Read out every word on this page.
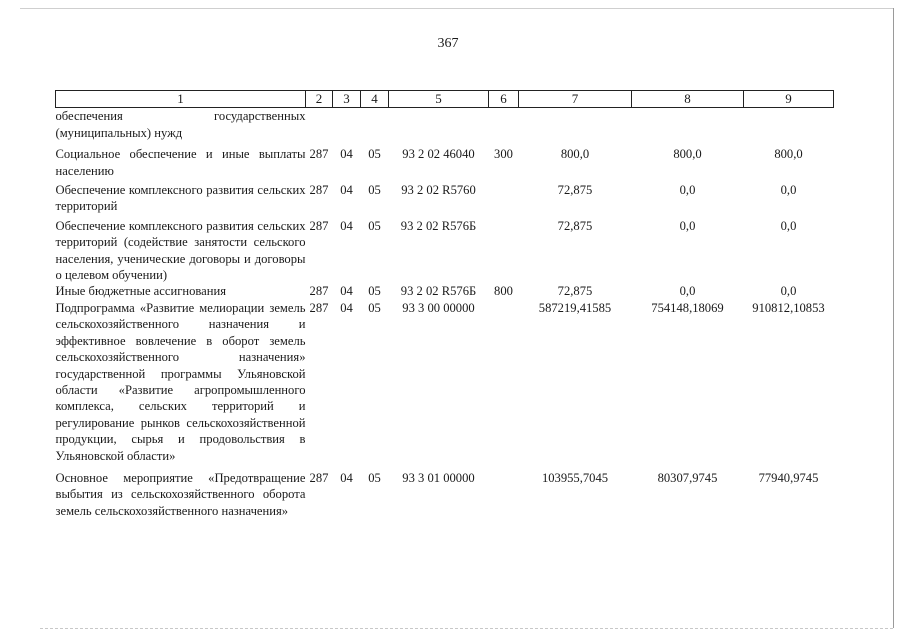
367
1	2	3	4	5	6	7	8	9
обеспечения государственных (муниципальных) нужд								
Социальное обеспечение и иные выплаты населению	287	04	05	93 2 02 46040	300	800,0	800,0	800,0
Обеспечение комплексного развития сельских территорий	287	04	05	93 2 02 R5760		72,875	0,0	0,0
Обеспечение комплексного развития сельских территорий (содействие занятости сельского населения, ученические договоры и договоры о целевом обучении)	287	04	05	93 2 02 R576Б		72,875	0,0	0,0
Иные бюджетные ассигнования	287	04	05	93 2 02 R576Б	800	72,875	0,0	0,0
Подпрограмма «Развитие мелиорации земель сельскохозяйственного назначения и эффективное вовлечение в оборот земель сельскохозяйственного назначения» государственной программы Ульяновской области «Развитие агропромышленного комплекса, сельских территорий и регулирование рынков сельскохозяйственной продукции, сырья и продовольствия в Ульяновской области»	287	04	05	93 3 00 00000		587219,41585	754148,18069	910812,10853
Основное мероприятие «Предотвращение выбытия из сельскохозяйственного оборота земель сельскохозяйственного назначения»	287	04	05	93 3 01 00000		103955,7045	80307,9745	77940,9745
